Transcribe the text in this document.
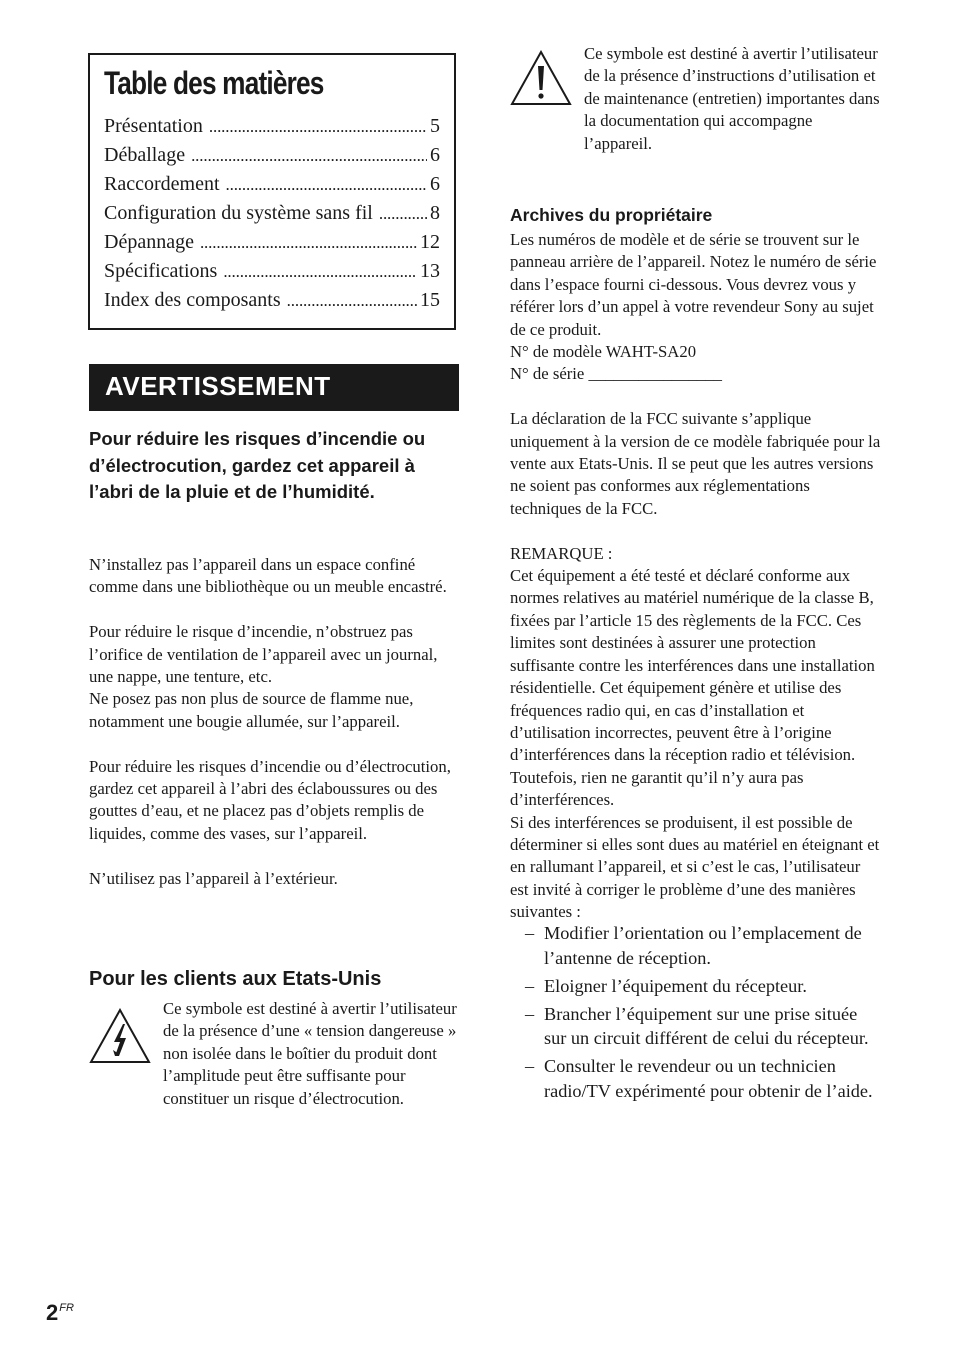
Table des matières
Présentation . . .	5
Déballage . . .	6
Raccordement . . .	6
Configuration du système sans fil . . .	8
Dépannage . . .	12
Spécifications . . .	13
Index des composants . . .	15
AVERTISSEMENT

Pour réduire les risques d’incendie ou d’électrocution, gardez cet appareil à l’abri de la pluie et de l’humidité.

N’installez pas l’appareil dans un espace confiné comme dans une bibliothèque ou un meuble encastré.

Pour réduire le risque d’incendie, n’obstruez pas l’orifice de ventilation de l’appareil avec un journal, une nappe, une tenture, etc.

Ne posez pas non plus de source de flamme nue, notamment une bougie allumée, sur l’appareil.

Pour réduire les risques d’incendie ou d’électrocution, gardez cet appareil à l’abri des éclaboussures ou des gouttes d’eau, et ne placez pas d’objets remplis de liquides, comme des vases, sur l’appareil.

N’utilisez pas l’appareil à l’extérieur.

Pour les clients aux Etats-Unis

Ce symbole est destiné à avertir l’utilisateur de la présence d’une « tension dangereuse » non isolée dans le boîtier du produit dont l’amplitude peut être suffisante pour constituer un risque d’électrocution.

Ce symbole est destiné à avertir l’utilisateur de la présence d’instructions d’utilisation et de maintenance (entretien) importantes dans la documentation qui accompagne l’appareil.

Archives du propriétaire

Les numéros de modèle et de série se trouvent sur le panneau arrière de l’appareil. Notez le numéro de série dans l’espace fourni ci-dessous. Vous devrez vous y référer lors d’un appel à votre revendeur Sony au sujet de ce produit.

N° de modèle WAHT-SA20

N° de série ________________

La déclaration de la FCC suivante s’applique uniquement à la version de ce modèle fabriquée pour la vente aux Etats-Unis. Il se peut que les autres versions ne soient pas conformes aux réglementations techniques de la FCC.

REMARQUE :

Cet équipement a été testé et déclaré conforme aux normes relatives au matériel numérique de la classe B, fixées par l’article 15 des règlements de la FCC. Ces limites sont destinées à assurer une protection suffisante contre les interférences dans une installation résidentielle. Cet équipement génère et utilise des fréquences radio qui, en cas d’installation et d’utilisation incorrectes, peuvent être à l’origine d’interférences dans la réception radio et télévision. Toutefois, rien ne garantit qu’il n’y aura pas d’interférences.

Si des interférences se produisent, il est possible de déterminer si elles sont dues au matériel en éteignant et en rallumant l’appareil, et si c’est le cas, l’utilisateur est invité à corriger le problème d’une des manières suivantes :

– Modifier l’orientation ou l’emplacement de l’antenne de réception.
– Eloigner l’équipement du récepteur.
– Brancher l’équipement sur une prise située sur un circuit différent de celui du récepteur.
– Consulter le revendeur ou un technicien radio/TV expérimenté pour obtenir de l’aide.

$2^{FR}$
